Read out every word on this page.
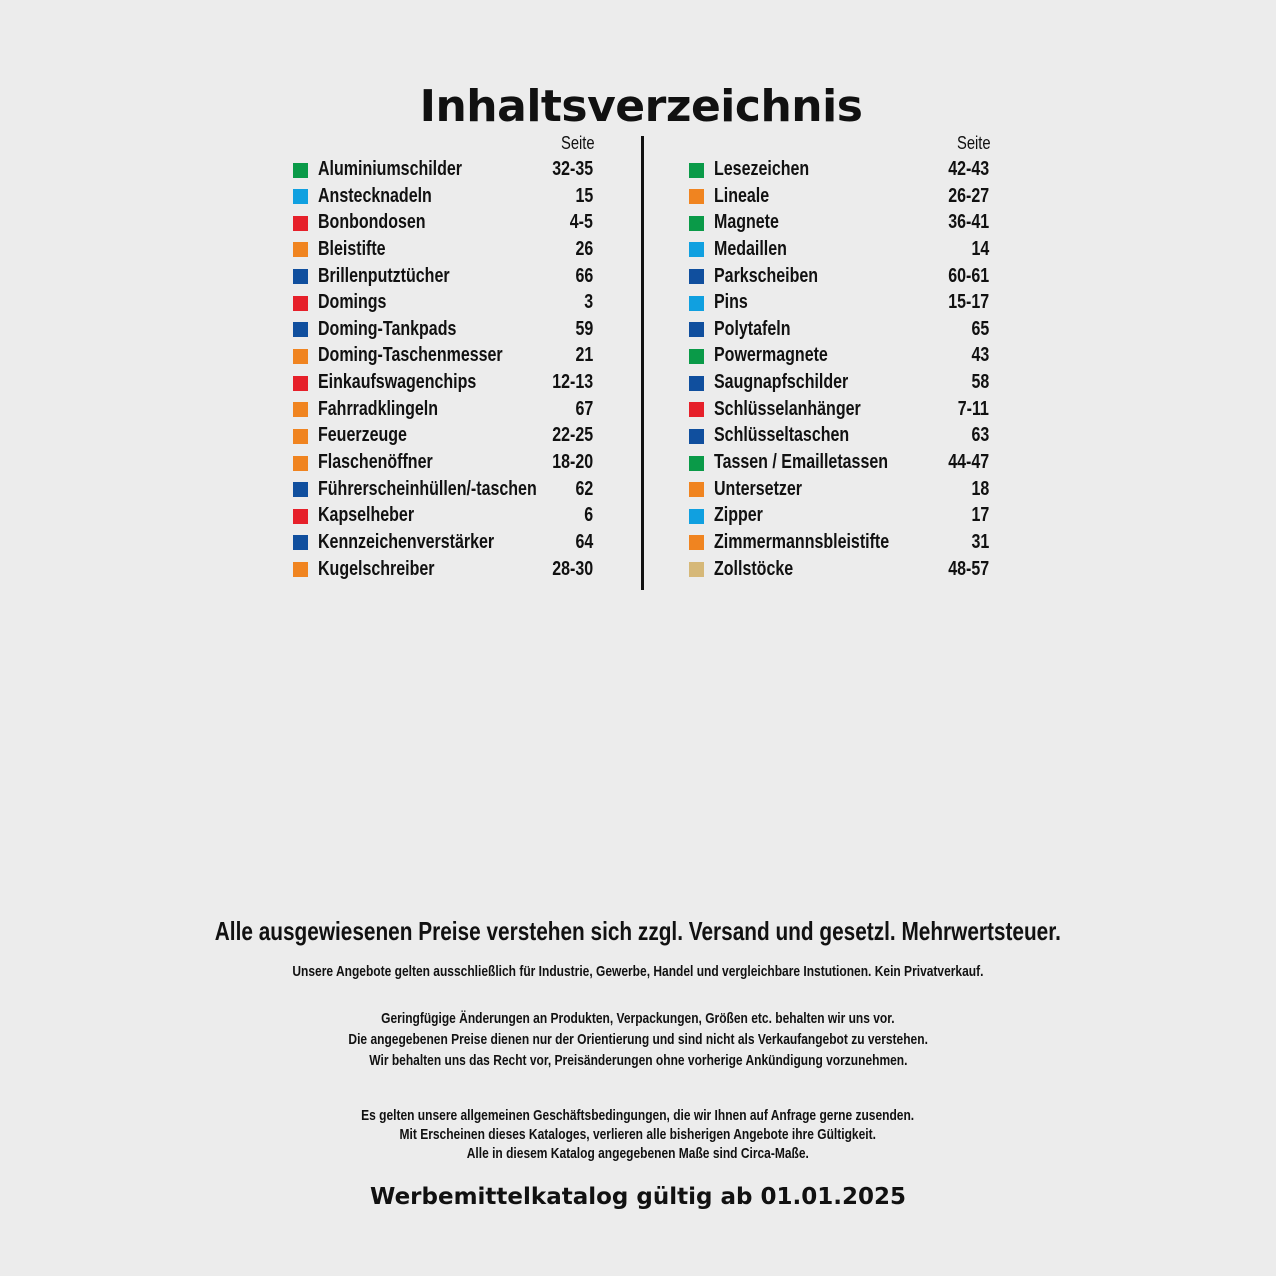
Inhaltsverzeichnis
Seite
Aluminiumschilder	32-35
Anstecknadeln	15
Bonbondosen	4-5
Bleistifte	26
Brillenputztücher	66
Domings	3
Doming-Tankpads	59
Doming-Taschenmesser	21
Einkaufswagenchips	12-13
Fahrradklingeln	67
Feuerzeuge	22-25
Flaschenöffner	18-20
Führerscheinhüllen/-taschen 62
Kapselheber	6
Kennzeichenverstärker	64
Kugelschreiber	28-30
Seite
Lesezeichen	42-43
Lineale	26-27
Magnete	36-41
Medaillen	14
Parkscheiben	60-61
Pins	15-17
Polytafeln	65
Powermagnete	43
Saugnapfschilder	58
Schlüsselanhänger	7-11
Schlüsseltaschen	63
Tassen / Emailletassen	44-47
Untersetzer	18
Zipper	17
Zimmermannsbleistifte	31
Zollstöcke	48-57
Alle ausgewiesenen Preise verstehen sich zzgl. Versand und gesetzl. Mehrwertsteuer.
Unsere Angebote gelten ausschließlich für Industrie, Gewerbe, Handel und vergleichbare Instutionen. Kein Privatverkauf.
Geringfügige Änderungen an Produkten, Verpackungen, Größen etc. behalten wir uns vor.
Die angegebenen Preise dienen nur der Orientierung und sind nicht als Verkaufangebot zu verstehen.
Wir behalten uns das Recht vor, Preisänderungen ohne vorherige Ankündigung vorzunehmen.
Es gelten unsere allgemeinen Geschäftsbedingungen, die wir Ihnen auf Anfrage gerne zusenden.
Mit Erscheinen dieses Kataloges, verlieren alle bisherigen Angebote ihre Gültigkeit.
Alle in diesem Katalog angegebenen Maße sind Circa-Maße.
Werbemittelkatalog gültig ab 01.01.2025
